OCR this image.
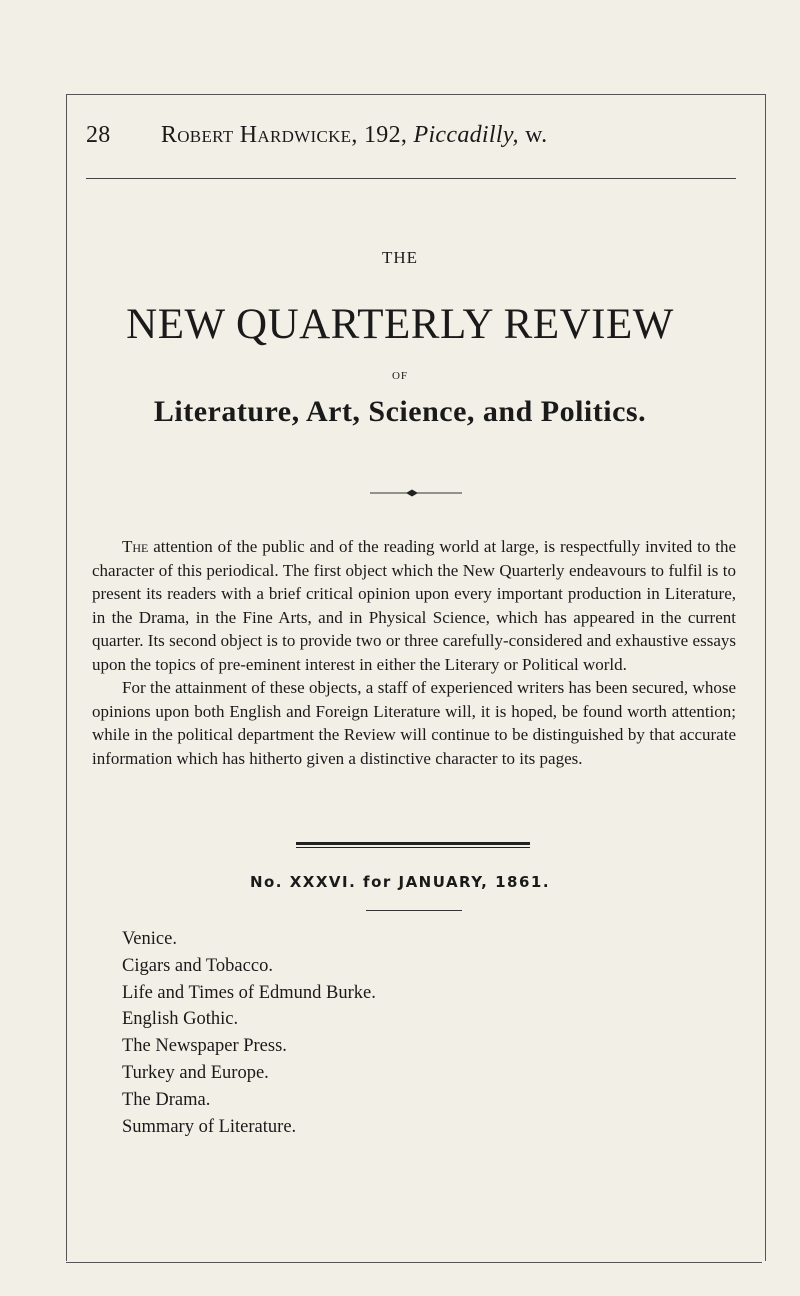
28 Robert Hardwicke, 192, Piccadilly, w.
THE
NEW QUARTERLY REVIEW
OF
Literature, Art, Science, and Politics.

The attention of the public and of the reading world at large, is respectfully invited to the character of this periodical. The first object which the New Quarterly endeavours to fulfil is to present its readers with a brief critical opinion upon every important production in Literature, in the Drama, in the Fine Arts, and in Physical Science, which has appeared in the current quarter. Its second object is to provide two or three carefully-considered and exhaustive essays upon the topics of pre-eminent interest in either the Literary or Political world.

For the attainment of these objects, a staff of experienced writers has been secured, whose opinions upon both English and Foreign Literature will, it is hoped, be found worth attention; while in the political department the Review will continue to be distinguished by that accurate information which has hitherto given a distinctive character to its pages.

No. XXXVI. for JANUARY, 1861.
Venice.
Cigars and Tobacco.
Life and Times of Edmund Burke.
English Gothic.
The Newspaper Press.
Turkey and Europe.
The Drama.
Summary of Literature.
